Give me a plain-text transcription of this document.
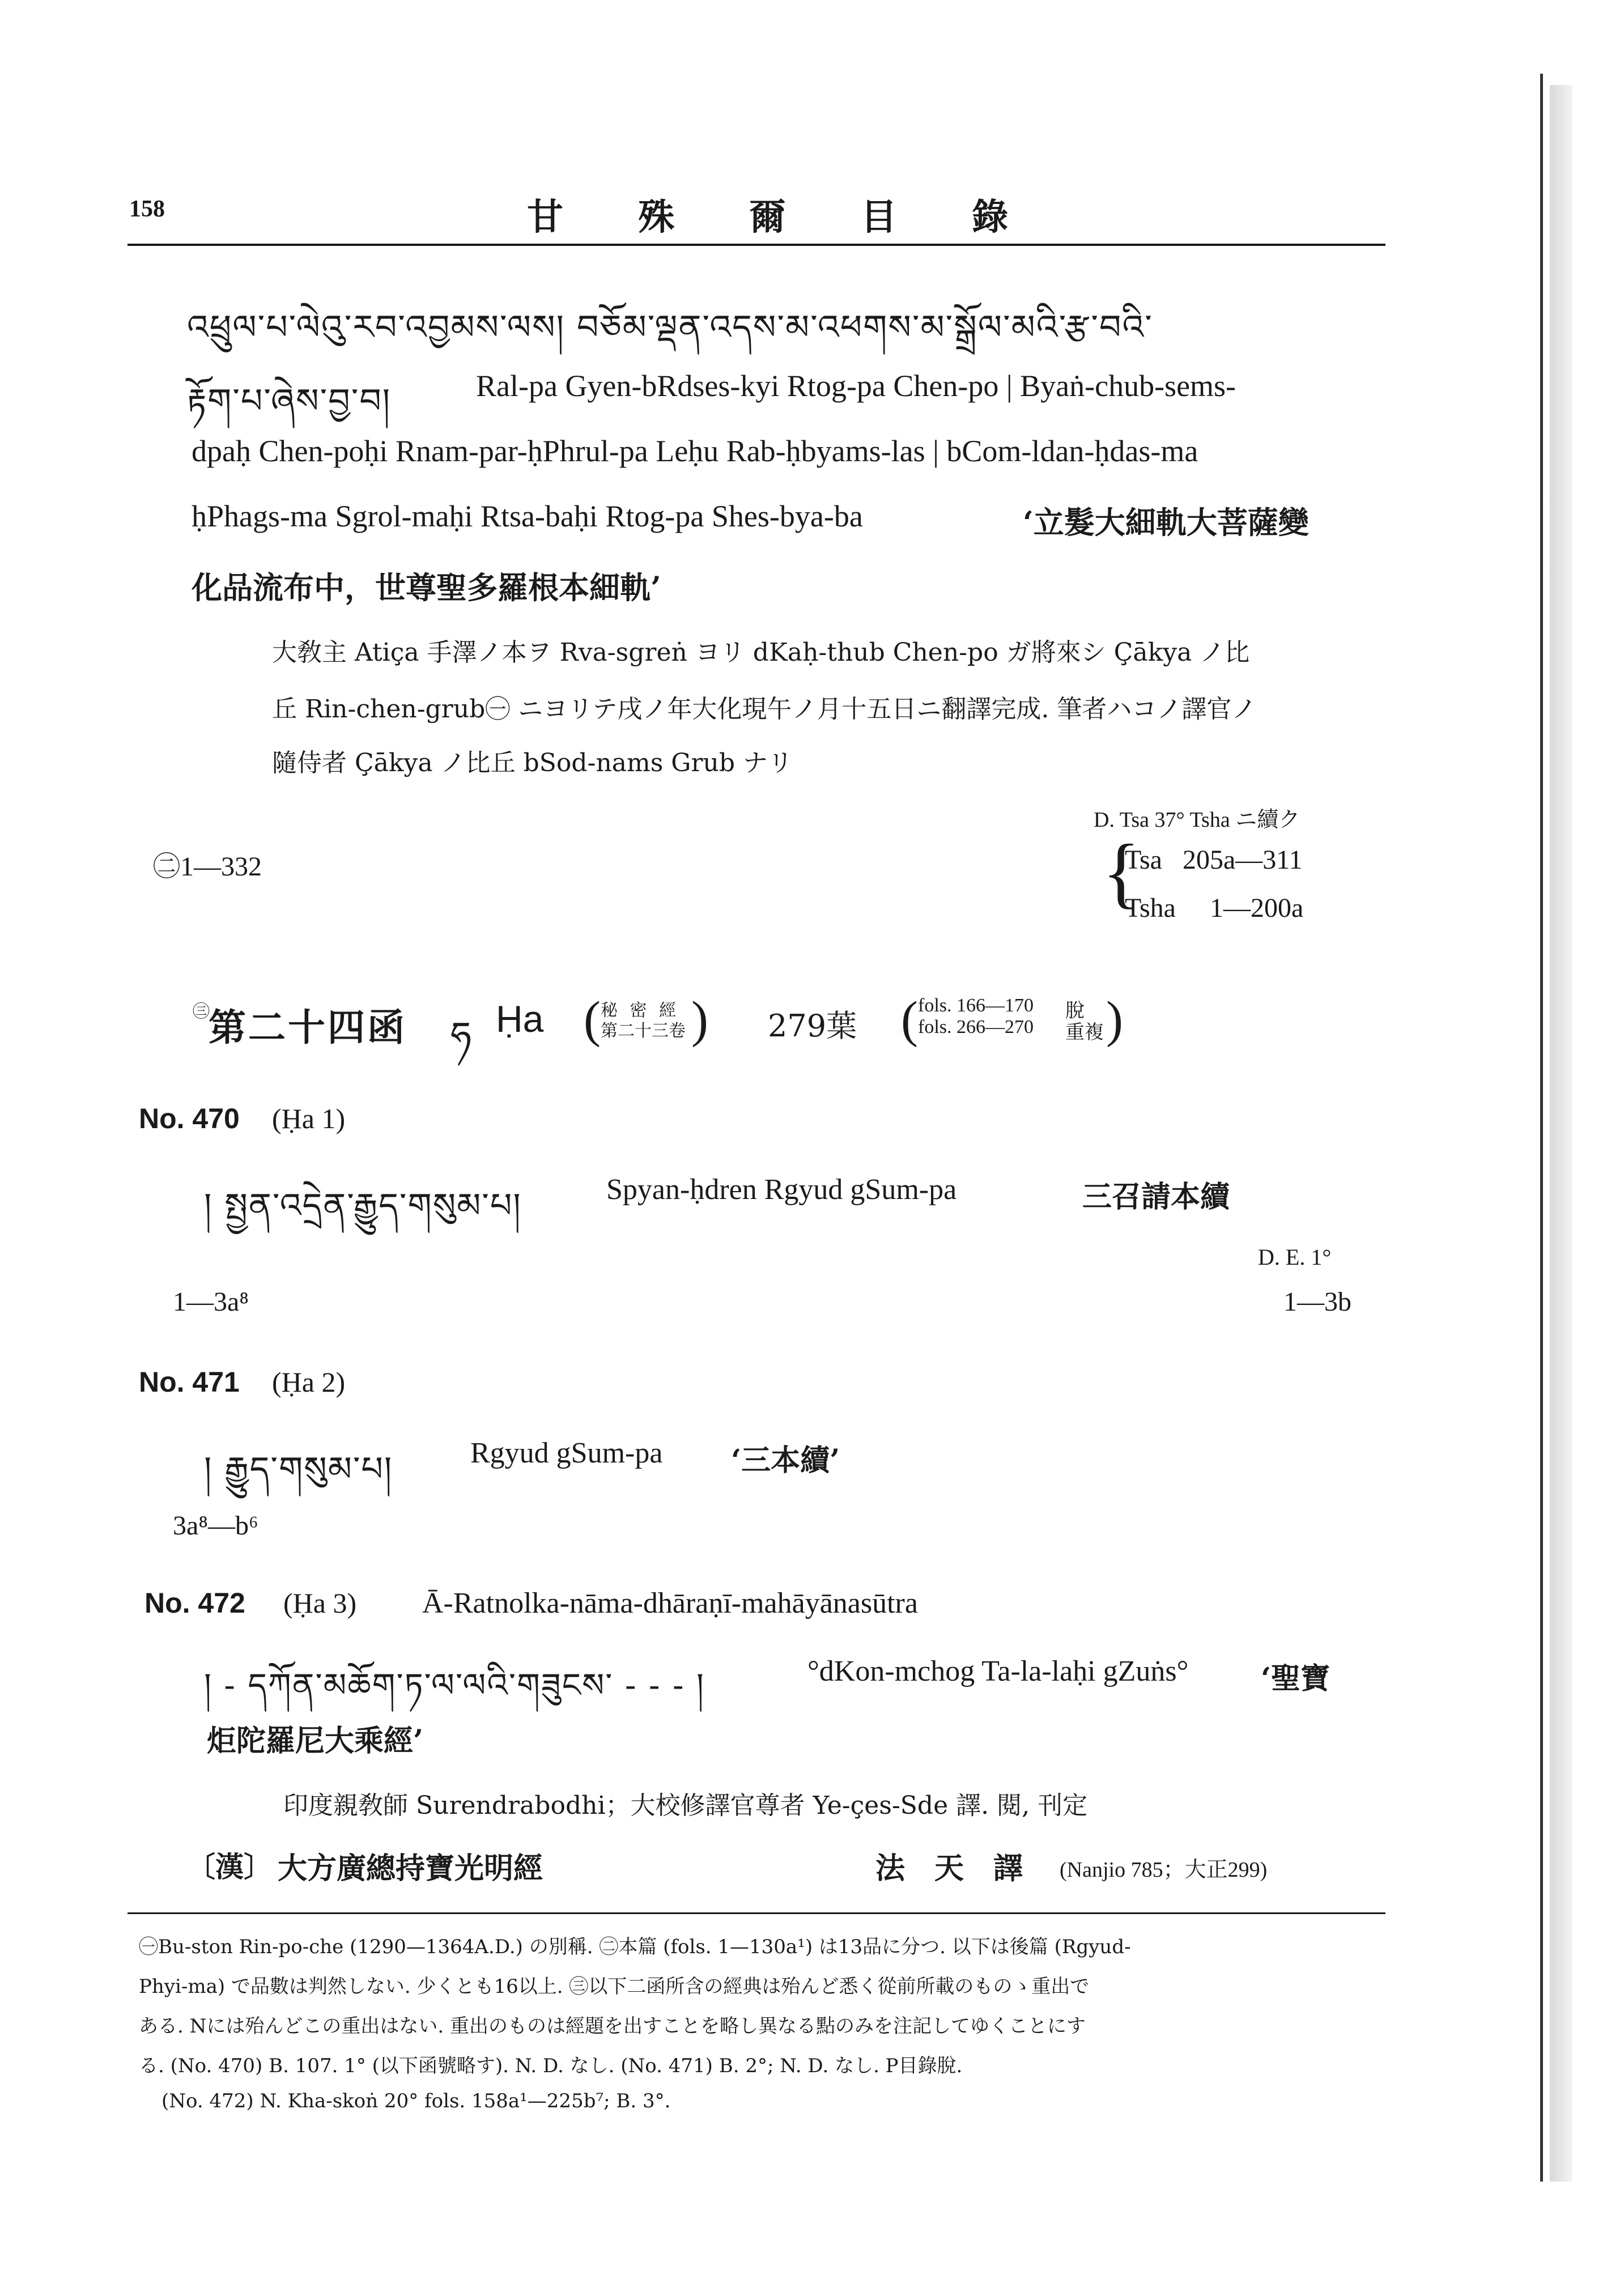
158	甘 殊 爾 目 錄
འཕྲུལ་པ་ལེའུ་རབ་འབྱམས་ལས། བཅོམ་ལྡན་འདས་མ་འཕགས་མ་སྒྲོལ་མའི་རྩ་བའི་
རྟོག་པ་ཞེས་བྱ་བ།	Ral-pa Gyen-bRdses-kyi Rtog-pa Chen-po | Byaṅ-chub-sems-
dpaḥ Chen-poḥi Rnam-par-ḥPhrul-pa Leḥu Rab-ḥbyams-las | bCom-ldan-ḥdas-ma
ḥPhags-ma Sgrol-maḥi Rtsa-baḥi Rtog-pa Shes-bya-ba	‘立髮大細軌大菩薩變
化品流布中，世尊聖多羅根本細軌’
大敎主 Atiça 手澤ノ本ヲ Rva-sgreṅ ヨリ dKaḥ-thub Chen-po ガ將來シ Çākya ノ比
丘 Rin-chen-grub㊀ ニヨリテ戌ノ年大化現午ノ月十五日ニ翻譯完成. 筆者ハコノ譯官ノ
隨侍者 Çākya ノ比丘 bSod-nams Grub ナリ
D. Tsa 37° Tsha ニ續ク
㊁1—332	{
Tsa   205a—311
Tsha     1—200a
㊂
第二十四函 ཧ Ḥa ( 秘 密 經
第二十三卷 ) 279葉 ( fols. 166—170
fols. 266—270
脫
重複 )
No. 470 (Ḥa 1)
། སྤྱན་འདྲེན་རྒྱུད་གསུམ་པ།	Spyan-ḥdren Rgyud gSum-pa	三召請本續
D. E. 1°
1—3a⁸	1—3b
No. 471 (Ḥa 2)
། རྒྱུད་གསུམ་པ།	Rgyud gSum-pa ‘三本續’
3a⁸—b⁶
No. 472 (Ḥa 3) Ā-Ratnolka-nāma-dhāraṇī-mahāyānasūtra
། - དཀོན་མཆོག་ཏ་ལ་ལའི་གཟུངས་ - - - །	°dKon-mchog Ta-la-laḥi gZuṅs° ‘聖寶
炬陀羅尼大乘經’
印度親敎師 Surendrabodhi；大校修譯官尊者 Ye-çes-Sde 譯. 閱, 刊定
〔漢〕 大方廣總持寶光明經	法　天　譯 (Nanjio 785；大正299)
㊀Bu-ston Rin-po-che (1290—1364A.D.) の別稱. ㊁本篇 (fols. 1—130a¹) は13品に分つ. 以下は後篇 (Rgyud-
Phyi-ma) で品數は判然しない. 少くとも16以上. ㊂以下二函所含の經典は殆んど悉く從前所載のものゝ重出で
ある. Nには殆んどこの重出はない. 重出のものは經題を出すことを略し異なる點のみを注記してゆくことにす
る. (No. 470) B. 107. 1° (以下函號略す). N. D. なし. (No. 471) B. 2°; N. D. なし. P目錄脫.
(No. 472) N. Kha-skoṅ 20° fols. 158a¹—225b⁷; B. 3°.
